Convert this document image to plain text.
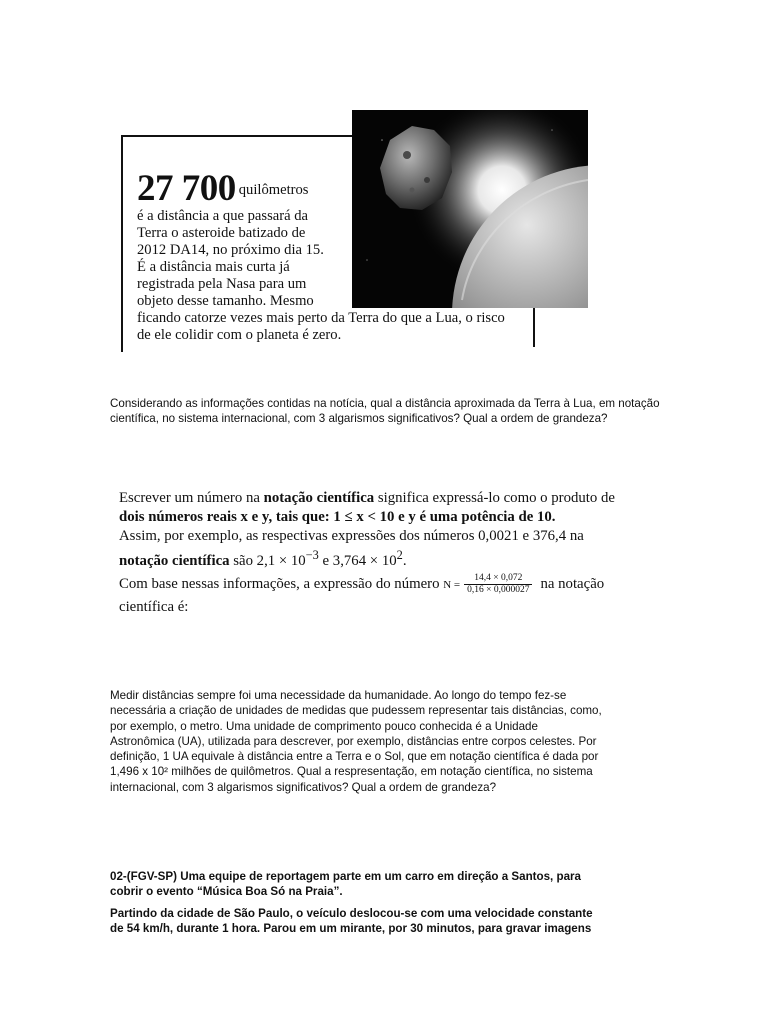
27 700 quilômetros
é a distância a que passará da
Terra o asteroide batizado de
2012 DA14, no próximo dia 15.
É a distância mais curta já
registrada pela Nasa para um
objeto desse tamanho. Mesmo
ficando catorze vezes mais perto da Terra do que a Lua, o risco
de ele colidir com o planeta é zero.
Considerando as informações contidas na notícia, qual a distância aproximada da Terra à Lua, em notação científica, no sistema internacional, com 3 algarismos significativos? Qual a ordem de grandeza?
Escrever um número na notação científica significa expressá-lo como o produto de
dois números reais x e y, tais que: 1 ≤ x < 10 e y é uma potência de 10.
Assim, por exemplo, as respectivas expressões dos números 0,0021 e 376,4 na
notação científica são $2,1 \times 10^{-3}$ e $3,764 \times 10^2$.
Com base nessas informações, a expressão do número $N = \frac{14,4 \times 0,072}{0,16 \times 0,000027}$ na notação
científica é:
Medir distâncias sempre foi uma necessidade da humanidade. Ao longo do tempo fez-se
necessária a criação de unidades de medidas que pudessem representar tais distâncias, como,
por exemplo, o metro. Uma unidade de comprimento pouco conhecida é a Unidade
Astronômica (UA), utilizada para descrever, por exemplo, distâncias entre corpos celestes. Por
definição, 1 UA equivale à distância entre a Terra e o Sol, que em notação científica é dada por
1,496 x 10² milhões de quilômetros. Qual a respresentação, em notação científica, no sistema
internacional, com 3 algarismos significativos? Qual a ordem de grandeza?

02-(FGV-SP) Uma equipe de reportagem parte em um carro em direção a Santos, para
cobrir o evento “Música Boa Só na Praia”.

Partindo da cidade de São Paulo, o veículo deslocou-se com uma velocidade constante
de 54 km/h, durante 1 hora. Parou em um mirante, por 30 minutos, para gravar imagens
